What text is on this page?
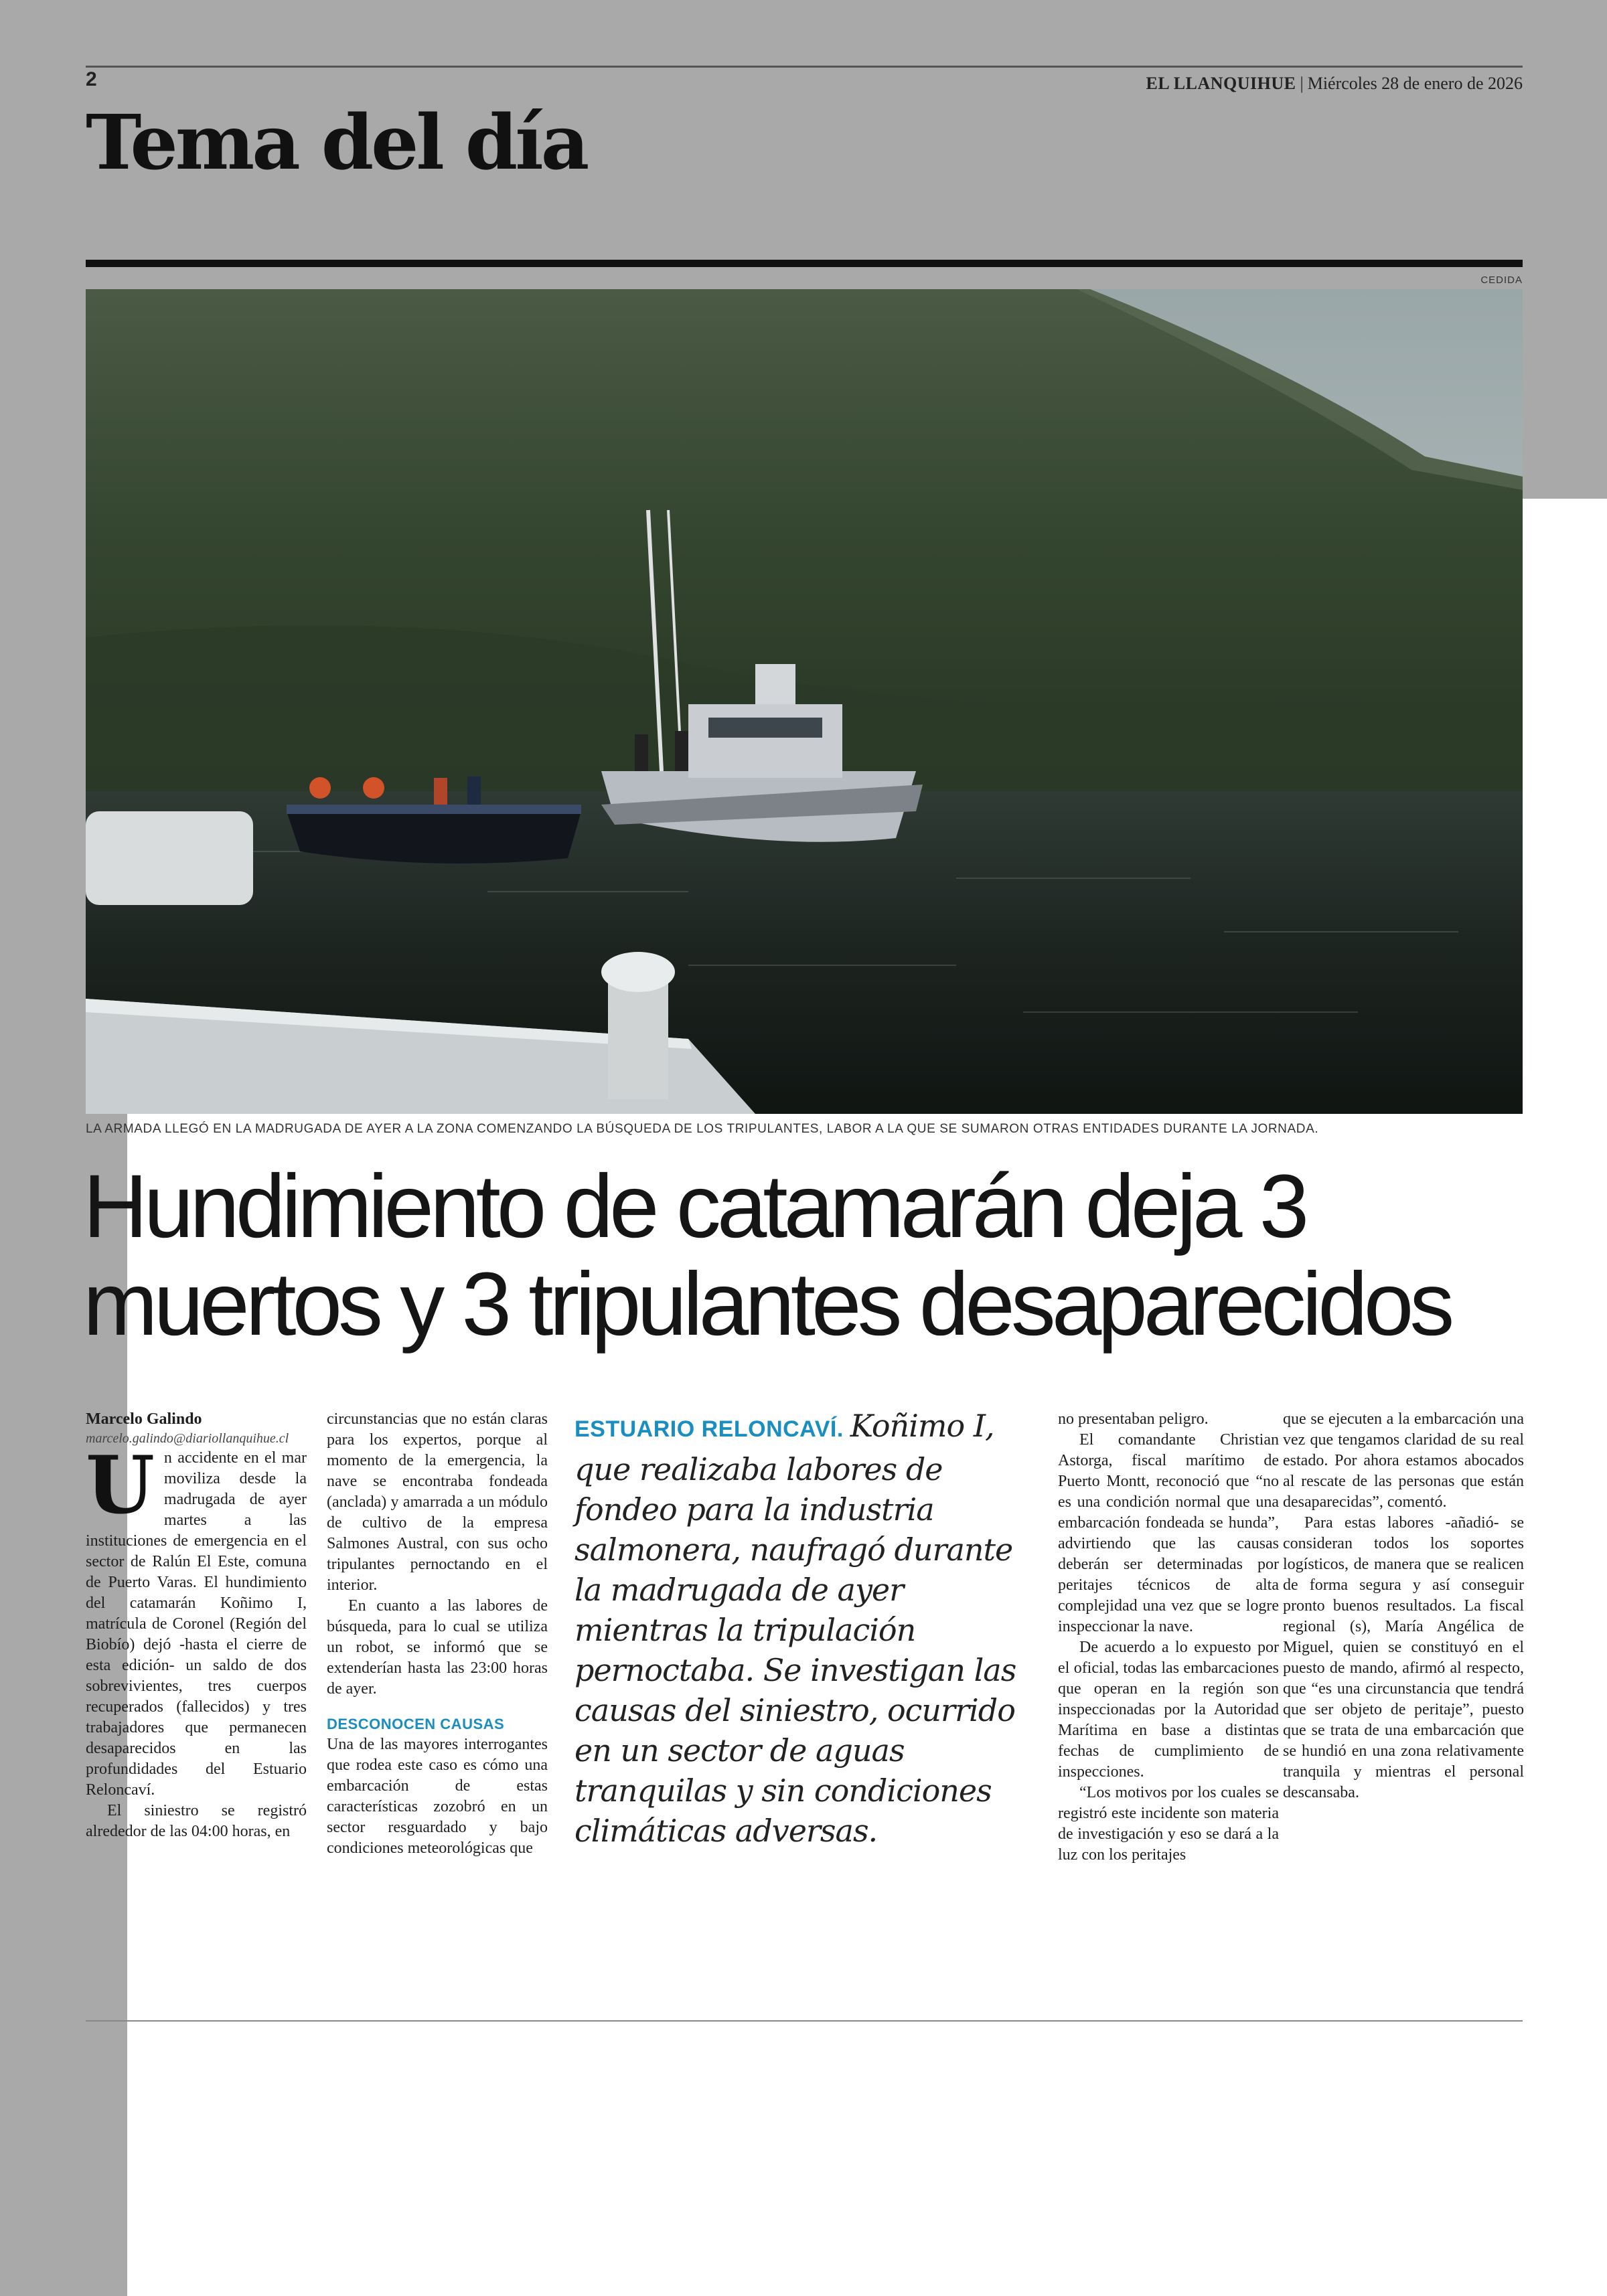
2	EL LLANQUIHUE | Miércoles 28 de enero de 2026
Tema del día
CEDIDA
LA ARMADA LLEGÓ EN LA MADRUGADA DE AYER A LA ZONA COMENZANDO LA BÚSQUEDA DE LOS TRIPULANTES, LABOR A LA QUE SE SUMARON OTRAS ENTIDADES DURANTE LA JORNADA.
Hundimiento de catamarán deja 3
muertos y 3 tripulantes desaparecidos

Marcelo Galindo

marcelo.galindo@diariollanquihue.cl

Un accidente en el mar moviliza desde la madrugada de ayer martes a las instituciones de emergencia en el sector de Ralún El Este, comuna de Puerto Varas. El hundimiento del catamarán Koñimo I, matrícula de Coronel (Región del Biobío) dejó -hasta el cierre de esta edición- un saldo de dos sobrevivientes, tres cuerpos recuperados (fallecidos) y tres trabajadores que permanecen desaparecidos en las profundidades del Estuario Reloncaví.

El siniestro se registró alrededor de las 04:00 horas, en

circunstancias que no están claras para los expertos, porque al momento de la emergencia, la nave se encontraba fondeada (anclada) y amarrada a un módulo de cultivo de la empresa Salmones Austral, con sus ocho tripulantes pernoctando en el interior.

En cuanto a las labores de búsqueda, para lo cual se utiliza un robot, se informó que se extenderían hasta las 23:00 horas de ayer.

DESCONOCEN CAUSAS

Una de las mayores interrogantes que rodea este caso es cómo una embarcación de estas características zozobró en un sector resguardado y bajo condiciones meteorológicas que

ESTUARIO RELONCAVÍ. Koñimo I, que realizaba labores de fondeo para la industria salmonera, naufragó durante la madrugada de ayer mientras la tripulación pernoctaba. Se investigan las causas del siniestro, ocurrido en un sector de aguas tranquilas y sin condiciones climáticas adversas.

no presentaban peligro.

El comandante Christian Astorga, fiscal marítimo de Puerto Montt, reconoció que “no es una condición normal que una embarcación fondeada se hunda”, advirtiendo que las causas deberán ser determinadas por peritajes técnicos de alta complejidad una vez que se logre inspeccionar la nave.

De acuerdo a lo expuesto por el oficial, todas las embarcaciones que operan en la región son inspeccionadas por la Autoridad Marítima en base a distintas fechas de cumplimiento de inspecciones.

“Los motivos por los cuales se registró este incidente son materia de investigación y eso se dará a la luz con los peritajes

que se ejecuten a la embarcación una vez que tengamos claridad de su real estado. Por ahora estamos abocados al rescate de las personas que están desaparecidas”, comentó.

Para estas labores -añadió- se consideran todos los soportes logísticos, de manera que se realicen de forma segura y así conseguir pronto buenos resultados. La fiscal regional (s), María Angélica de Miguel, quien se constituyó en el puesto de mando, afirmó al respecto, que “es una circunstancia que tendrá que ser objeto de peritaje”, puesto que se trata de una embarcación que se hundió en una zona relativamente tranquila y mientras el personal descansaba.
